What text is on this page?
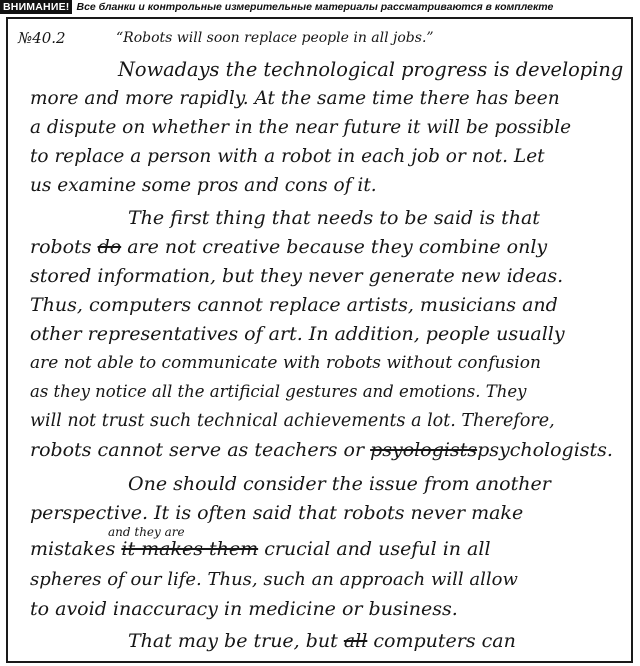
ВНИМАНИЕ! Все бланки и контрольные измерительные материалы рассматриваются в комплекте
№40.2	“Robots will soon replace people in all jobs.”
Nowadays the technological progress is developing
more and more rapidly. At the same time there has been
a dispute on whether in the near future it will be possible
to replace a person with a robot in each job or not. Let
us examine some pros and cons of it.
The first thing that needs to be said is that
robots do are not creative because they combine only
stored information, but they never generate new ideas.
Thus, computers cannot replace artists, musicians and
other representatives of art. In addition, people usually
are not able to communicate with robots without confusion
as they notice all the artificial gestures and emotions. They
will not trust such technical achievements a lot. Therefore,
robots cannot serve as teachers or psyologistspsychologists.
One should consider the issue from another
perspective. It is often said that robots never make
and they are
mistakes it makes them crucial and useful in all
spheres of our life. Thus, such an approach will allow
to avoid inaccuracy in medicine or business.
That may be true, but all computers can
